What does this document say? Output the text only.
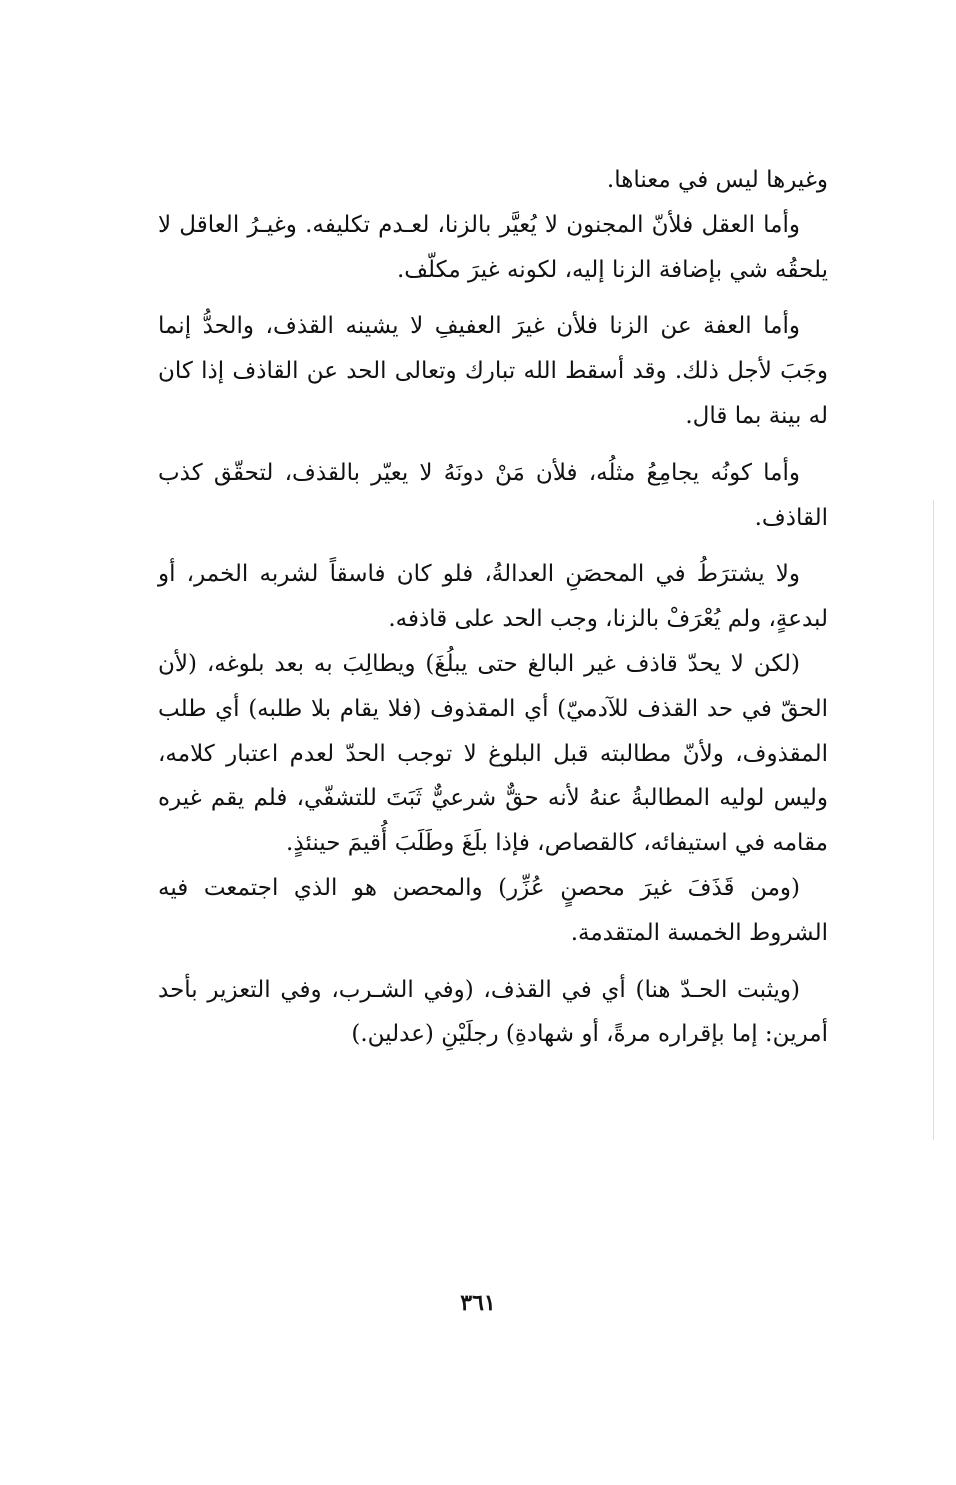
وغيرها ليس في معناها.

وأما العقل فلأنّ المجنون لا يُعيَّر بالزنا، لعـدم تكليفه. وغيـرُ العاقل لا يلحقُه شي بإضافة الزنا إليه، لكونه غيرَ مكلّف.

وأما العفة عن الزنا فلأن غيرَ العفيفِ لا يشينه القذف، والحدُّ إنما وجَبَ لأجل ذلك. وقد أسقط الله تبارك وتعالى الحد عن القاذف إذا كان له بينة بما قال.

وأما كونُه يجامِعُ مثلُه، فلأن مَنْ دونَهُ لا يعيّر بالقذف، لتحقّق كذب القاذف.

ولا يشترَطُ في المحصَنِ العدالةُ، فلو كان فاسقاً لشربه الخمر، أو لبدعةٍ، ولم يُعْرَفْ بالزنا، وجب الحد على قاذفه.

(لكن لا يحدّ قاذف غير البالغ حتى يبلُغَ) ويطالِبَ به بعد بلوغه، (لأن الحقّ في حد القذف للآدميّ) أي المقذوف (فلا يقام بلا طلبه) أي طلب المقذوف، ولأنّ مطالبته قبل البلوغ لا توجب الحدّ لعدم اعتبار كلامه، وليس لوليه المطالبةُ عنهُ لأنه حقٌّ شرعيٌّ ثَبَتَ للتشفّي، فلم يقم غيره مقامه في استيفائه، كالقصاص، فإذا بلَغَ وطَلَبَ أُقيمَ حينئذٍ.

(ومن قَذَفَ غيرَ محصنٍ عُزِّر) والمحصن هو الذي اجتمعت فيه الشروط الخمسة المتقدمة.

(ويثبت الحـدّ هنا) أي في القذف، (وفي الشـرب، وفي التعزير بأحد أمرين: إما بإقراره مرةً، أو شهادةِ) رجلَيْنِ (عدلين.)

٣٦١
